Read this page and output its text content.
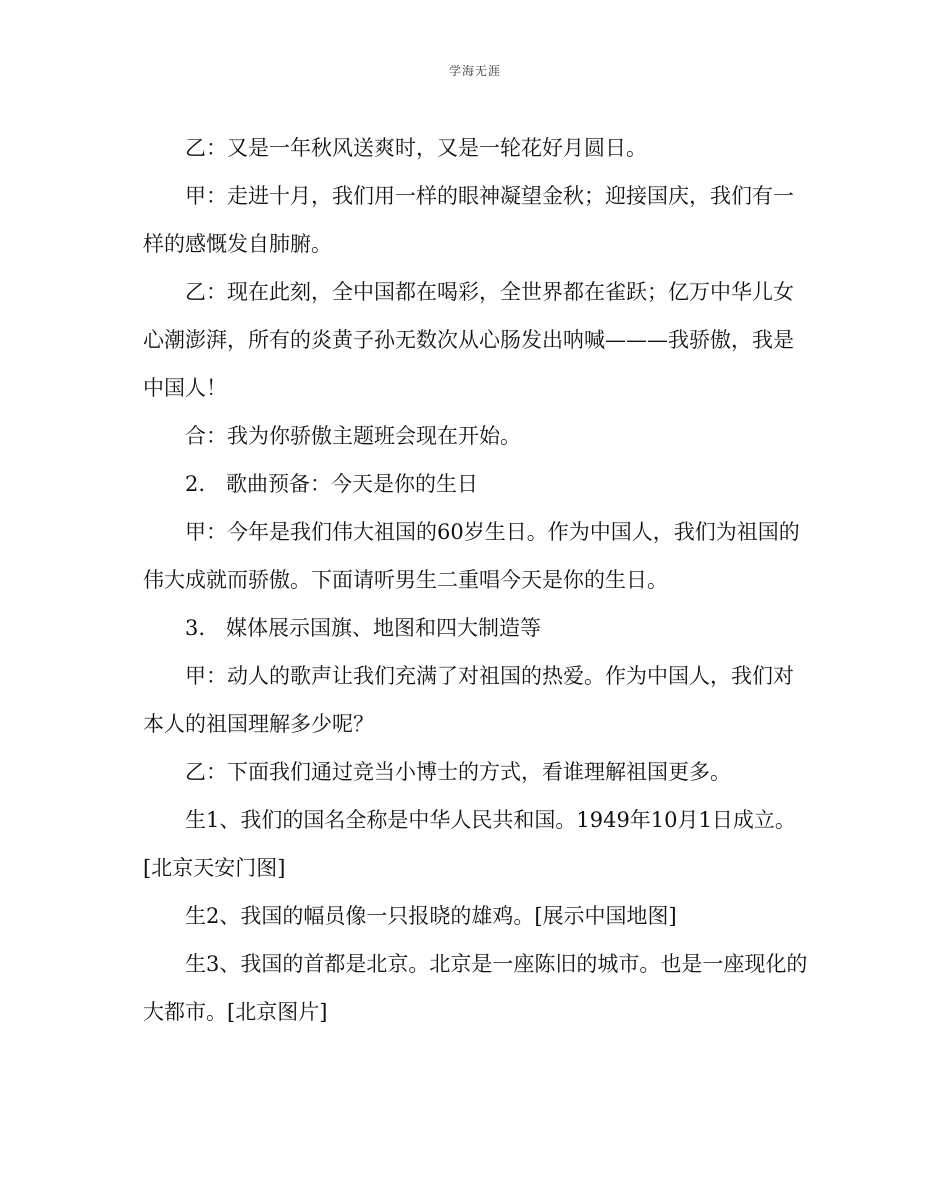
学海无涯

乙：又是一年秋风送爽时，又是一轮花好月圆日。

甲：走进十月，我们用一样的眼神凝望金秋；迎接国庆，我们有一样的感慨发自肺腑。

乙：现在此刻，全中国都在喝彩，全世界都在雀跃；亿万中华儿女心潮澎湃，所有的炎黄子孙无数次从心肠发出呐喊———我骄傲，我是中国人！

合：我为你骄傲主题班会现在开始。

2.　歌曲预备：今天是你的生日

甲：今年是我们伟大祖国的60岁生日。作为中国人，我们为祖国的伟大成就而骄傲。下面请听男生二重唱今天是你的生日。

3.　媒体展示国旗、地图和四大制造等

甲：动人的歌声让我们充满了对祖国的热爱。作为中国人，我们对本人的祖国理解多少呢？

乙：下面我们通过竞当小博士的方式，看谁理解祖国更多。

生1、我们的国名全称是中华人民共和国。1949年10月1日成立。[北京天安门图]

生2、我国的幅员像一只报晓的雄鸡。[展示中国地图]

生3、我国的首都是北京。北京是一座陈旧的城市。也是一座现化的大都市。[北京图片]
